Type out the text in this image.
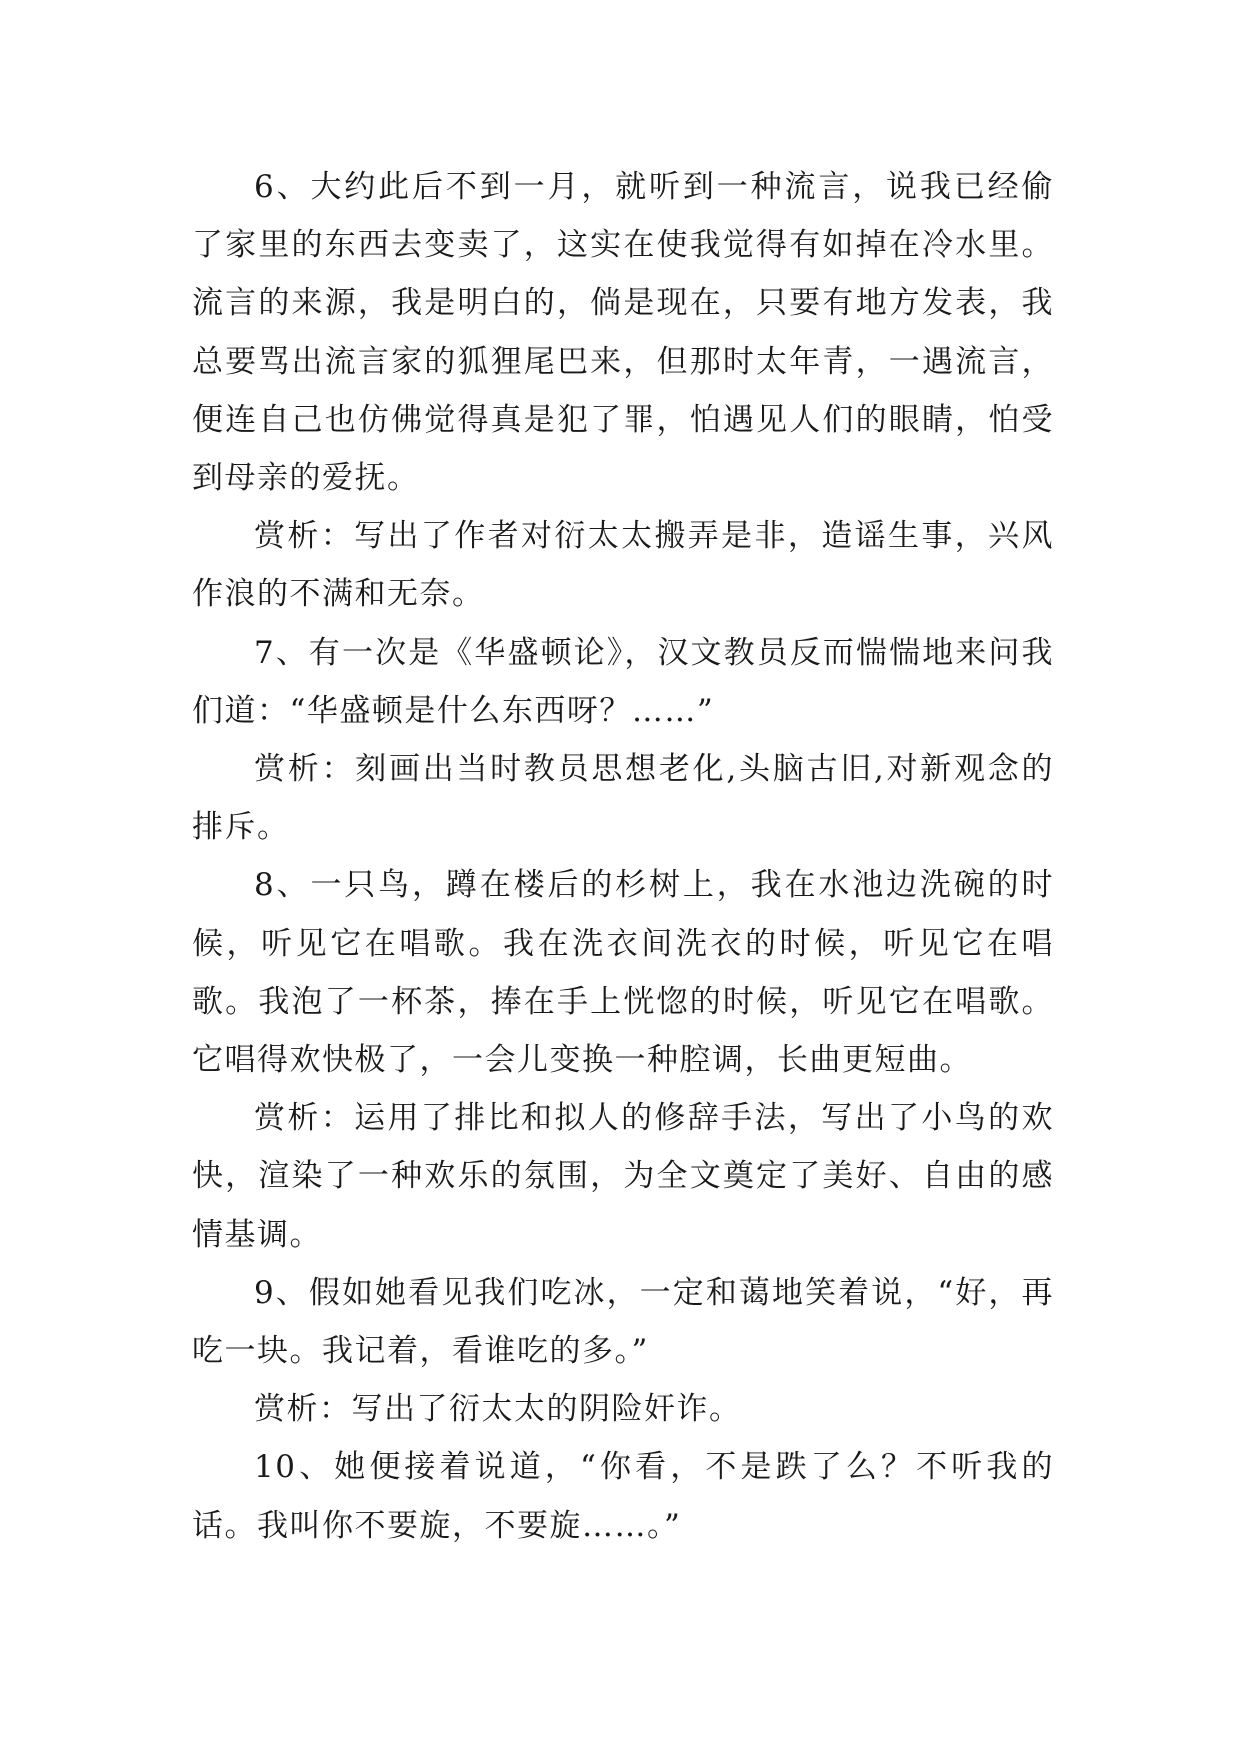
6、大约此后不到一月，就听到一种流言，说我已经偷了家里的东西去变卖了，这实在使我觉得有如掉在冷水里。流言的来源，我是明白的，倘是现在，只要有地方发表，我总要骂出流言家的狐狸尾巴来，但那时太年青，一遇流言，便连自己也仿佛觉得真是犯了罪，怕遇见人们的眼睛，怕受到母亲的爱抚。

赏析：写出了作者对衍太太搬弄是非，造谣生事，兴风作浪的不满和无奈。

7、有一次是《华盛顿论》，汉文教员反而惴惴地来问我们道：“华盛顿是什么东西呀？……”

赏析：刻画出当时教员思想老化,头脑古旧,对新观念的排斥。

8、一只鸟，蹲在楼后的杉树上，我在水池边洗碗的时候，听见它在唱歌。我在洗衣间洗衣的时候，听见它在唱歌。我泡了一杯茶，捧在手上恍惚的时候，听见它在唱歌。它唱得欢快极了，一会儿变换一种腔调，长曲更短曲。

赏析：运用了排比和拟人的修辞手法，写出了小鸟的欢快，渲染了一种欢乐的氛围，为全文奠定了美好、自由的感情基调。

9、假如她看见我们吃冰，一定和蔼地笑着说，“好，再吃一块。我记着，看谁吃的多。”

赏析：写出了衍太太的阴险奸诈。

10、她便接着说道，“你看，不是跌了么？不听我的话。我叫你不要旋，不要旋……。”
